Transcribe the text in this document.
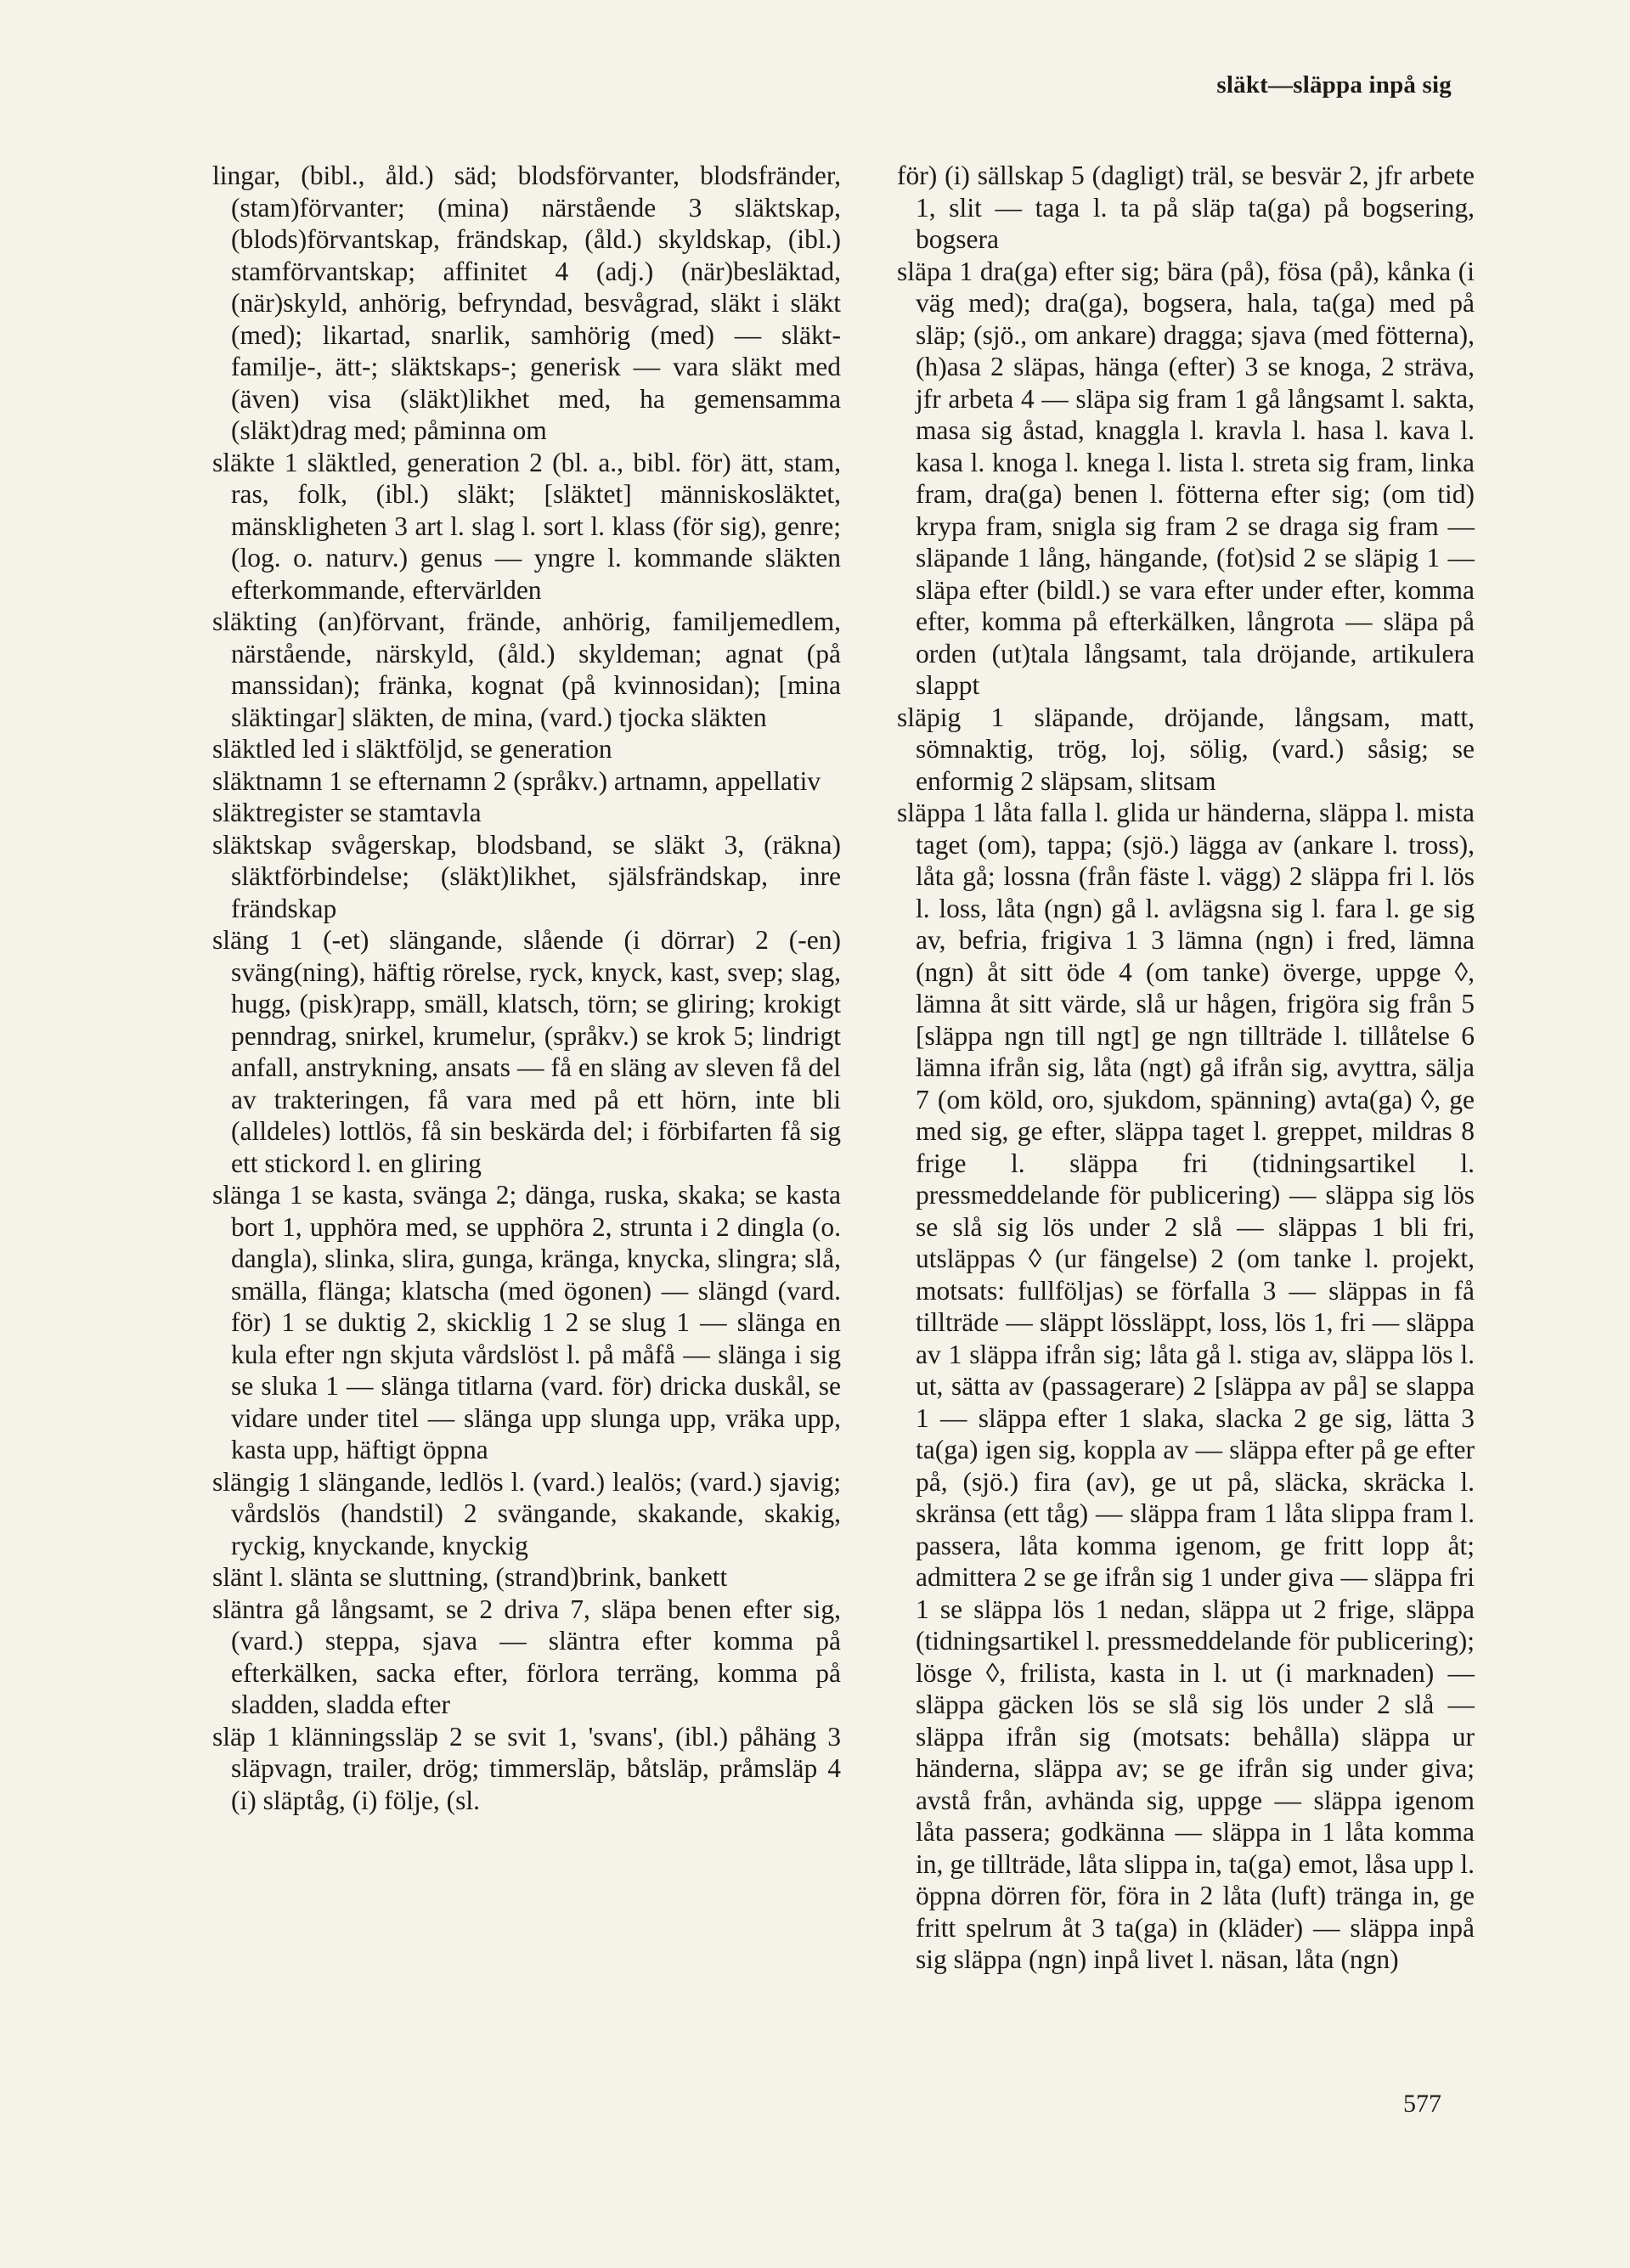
släkt—släppa inpå sig

lingar, (bibl., åld.) säd; blodsförvanter, blodsfränder, (stam)förvanter; (mina) närstående 3 släktskap, (blods)förvantskap, frändskap, (åld.) skyldskap, (ibl.) stamförvantskap; affinitet 4 (adj.) (när)besläktad, (när)skyld, anhörig, befryndad, besvågrad, släkt i släkt (med); likartad, snarlik, samhörig (med) — släkt- familje-, ätt-; släktskaps-; generisk — vara släkt med (även) visa (släkt)likhet med, ha gemensamma (släkt)drag med; påminna om

släkte 1 släktled, generation 2 (bl. a., bibl. för) ätt, stam, ras, folk, (ibl.) släkt; [släktet] människosläktet, mänskligheten 3 art l. slag l. sort l. klass (för sig), genre; (log. o. naturv.) genus — yngre l. kommande släkten efterkommande, eftervärlden

släkting (an)förvant, frände, anhörig, familjemedlem, närstående, närskyld, (åld.) skyldeman; agnat (på manssidan); fränka, kognat (på kvinnosidan); [mina släktingar] släkten, de mina, (vard.) tjocka släkten

släktled led i släktföljd, se generation

släktnamn 1 se efternamn 2 (språkv.) artnamn, appellativ

släktregister se stamtavla

släktskap svågerskap, blodsband, se släkt 3, (räkna) släktförbindelse; (släkt)likhet, själsfrändskap, inre frändskap

släng 1 (-et) slängande, slående (i dörrar) 2 (-en) sväng(ning), häftig rörelse, ryck, knyck, kast, svep; slag, hugg, (pisk)rapp, smäll, klatsch, törn; se gliring; krokigt penndrag, snirkel, krumelur, (språkv.) se krok 5; lindrigt anfall, anstrykning, ansats — få en släng av sleven få del av trakteringen, få vara med på ett hörn, inte bli (alldeles) lottlös, få sin beskärda del; i förbifarten få sig ett stickord l. en gliring

slänga 1 se kasta, svänga 2; dänga, ruska, skaka; se kasta bort 1, upphöra med, se upphöra 2, strunta i 2 dingla (o. dangla), slinka, slira, gunga, kränga, knycka, slingra; slå, smälla, flänga; klatscha (med ögonen) — slängd (vard. för) 1 se duktig 2, skicklig 1 2 se slug 1 — slänga en kula efter ngn skjuta vårdslöst l. på måfå — slänga i sig se sluka 1 — slänga titlarna (vard. för) dricka duskål, se vidare under titel — slänga upp slunga upp, vräka upp, kasta upp, häftigt öppna

slängig 1 slängande, ledlös l. (vard.) lealös; (vard.) sjavig; vårdslös (handstil) 2 svängande, skakande, skakig, ryckig, knyckande, knyckig

slänt l. slänta se sluttning, (strand)brink, bankett

släntra gå långsamt, se 2 driva 7, släpa benen efter sig, (vard.) steppa, sjava — släntra efter komma på efterkälken, sacka efter, förlora terräng, komma på sladden, sladda efter

släp 1 klänningssläp 2 se svit 1, 'svans', (ibl.) påhäng 3 släpvagn, trailer, drög; timmersläp, båtsläp, pråmsläp 4 (i) släptåg, (i) följe, (sl.

för) (i) sällskap 5 (dagligt) träl, se besvär 2, jfr arbete 1, slit — taga l. ta på släp ta(ga) på bogsering, bogsera

släpa 1 dra(ga) efter sig; bära (på), fösa (på), kånka (i väg med); dra(ga), bogsera, hala, ta(ga) med på släp; (sjö., om ankare) dragga; sjava (med fötterna), (h)asa 2 släpas, hänga (efter) 3 se knoga, 2 sträva, jfr arbeta 4 — släpa sig fram 1 gå långsamt l. sakta, masa sig åstad, knaggla l. kravla l. hasa l. kava l. kasa l. knoga l. knega l. lista l. streta sig fram, linka fram, dra(ga) benen l. fötterna efter sig; (om tid) krypa fram, snigla sig fram 2 se draga sig fram — släpande 1 lång, hängande, (fot)sid 2 se släpig 1 — släpa efter (bildl.) se vara efter under efter, komma efter, komma på efterkälken, långrota — släpa på orden (ut)tala långsamt, tala dröjande, artikulera slappt

släpig 1 släpande, dröjande, långsam, matt, sömnaktig, trög, loj, sölig, (vard.) såsig; se enformig 2 släpsam, slitsam

släppa 1 låta falla l. glida ur händerna, släppa l. mista taget (om), tappa; (sjö.) lägga av (ankare l. tross), låta gå; lossna (från fäste l. vägg) 2 släppa fri l. lös l. loss, låta (ngn) gå l. avlägsna sig l. fara l. ge sig av, befria, frigiva 1 3 lämna (ngn) i fred, lämna (ngn) åt sitt öde 4 (om tanke) överge, uppge ◊, lämna åt sitt värde, slå ur hågen, frigöra sig från 5 [släppa ngn till ngt] ge ngn tillträde l. tillåtelse 6 lämna ifrån sig, låta (ngt) gå ifrån sig, avyttra, sälja 7 (om köld, oro, sjukdom, spänning) avta(ga) ◊, ge med sig, ge efter, släppa taget l. greppet, mildras 8 frige l. släppa fri (tidningsartikel l. pressmeddelande för publicering) — släppa sig lös se slå sig lös under 2 slå — släppas 1 bli fri, utsläppas ◊ (ur fängelse) 2 (om tanke l. projekt, motsats: fullföljas) se förfalla 3 — släppas in få tillträde — släppt lössläppt, loss, lös 1, fri — släppa av 1 släppa ifrån sig; låta gå l. stiga av, släppa lös l. ut, sätta av (passagerare) 2 [släppa av på] se slappa 1 — släppa efter 1 slaka, slacka 2 ge sig, lätta 3 ta(ga) igen sig, koppla av — släppa efter på ge efter på, (sjö.) fira (av), ge ut på, släcka, skräcka l. skränsa (ett tåg) — släppa fram 1 låta slippa fram l. passera, låta komma igenom, ge fritt lopp åt; admittera 2 se ge ifrån sig 1 under giva — släppa fri 1 se släppa lös 1 nedan, släppa ut 2 frige, släppa (tidningsartikel l. pressmeddelande för publicering); lösge ◊, frilista, kasta in l. ut (i marknaden) — släppa gäcken lös se slå sig lös under 2 slå — släppa ifrån sig (motsats: behålla) släppa ur händerna, släppa av; se ge ifrån sig under giva; avstå från, avhända sig, uppge — släppa igenom låta passera; godkänna — släppa in 1 låta komma in, ge tillträde, låta slippa in, ta(ga) emot, låsa upp l. öppna dörren för, föra in 2 låta (luft) tränga in, ge fritt spelrum åt 3 ta(ga) in (kläder) — släppa inpå sig släppa (ngn) inpå livet l. näsan, låta (ngn)

577
